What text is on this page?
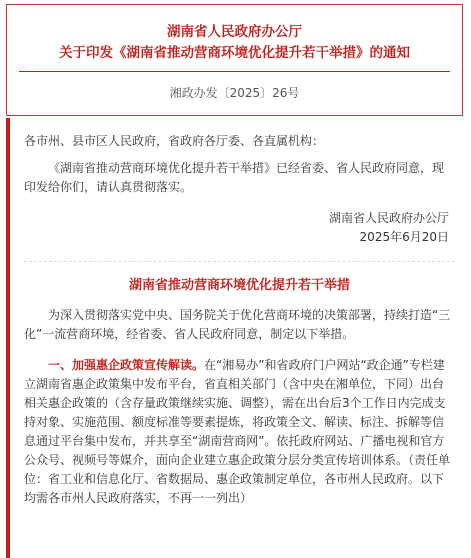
湖南省人民政府办公厅
关于印发《湖南省推动营商环境优化提升若干举措》的通知
湘政办发〔2025〕26号

各市州、县市区人民政府，省政府各厅委、各直属机构：

《湖南省推动营商环境优化提升若干举措》已经省委、省人民政府同意，现印发给你们，请认真贯彻落实。

湖南省人民政府办公厅

2025年6月20日

湖南省推动营商环境优化提升若干举措

为深入贯彻落实党中央、国务院关于优化营商环境的决策部署，持续打造“三化”一流营商环境，经省委、省人民政府同意，制定以下举措。

一、加强惠企政策宣传解读。在“湘易办”和省政府门户网站“政企通”专栏建立湖南省惠企政策集中发布平台，省直相关部门（含中央在湘单位，下同）出台相关惠企政策的（含存量政策继续实施、调整），需在出台后3个工作日内完成支持对象、实施范围、额度标准等要素提炼，将政策全文、解读、标注、拆解等信息通过平台集中发布，并共享至“湖南营商网”。依托政府网站、广播电视和官方公众号、视频号等媒介，面向企业建立惠企政策分层分类宣传培训体系。（责任单位：省工业和信息化厅、省数据局、惠企政策制定单位，各市州人民政府。以下均需各市州人民政府落实，不再一一列出）
